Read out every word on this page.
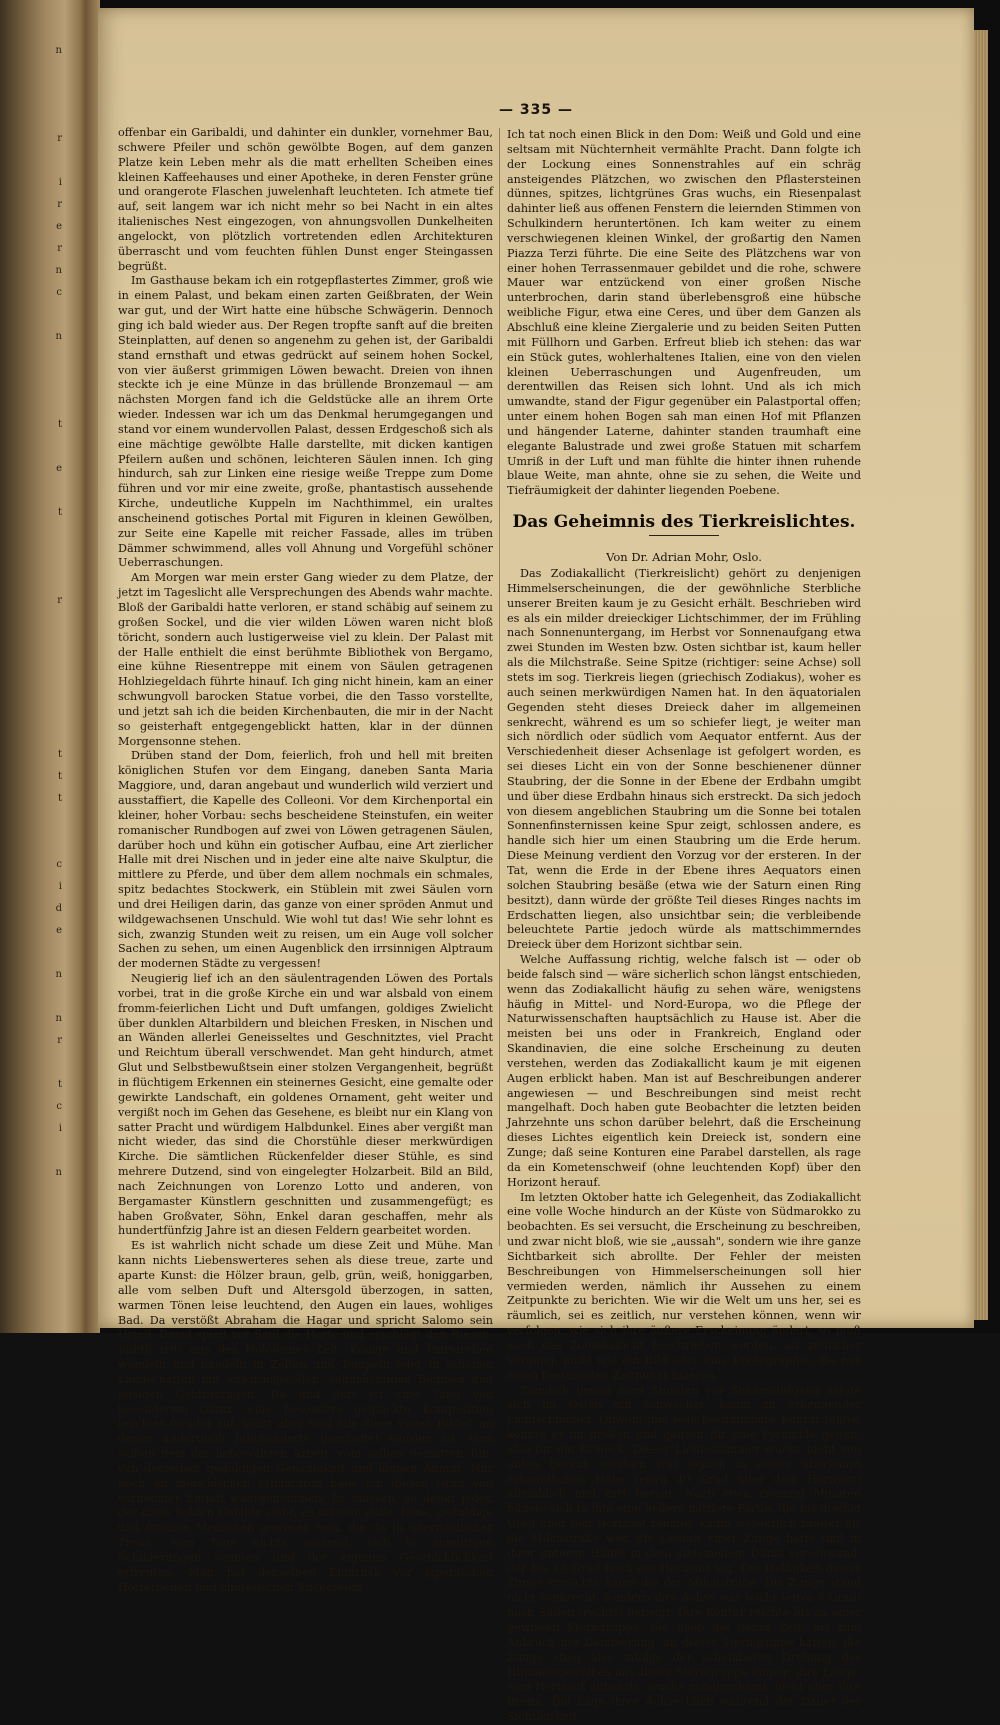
n

r

i
r
e
r
n
c

n

t

e

t

r

t
t
t

c
i
d
e

n

n
r

t
c
i

n
— 335 —

offenbar ein Garibaldi, und dahinter ein dunkler, vornehmer Bau, schwere Pfeiler und schön gewölbte Bogen, auf dem ganzen Platze kein Leben mehr als die matt erhellten Scheiben eines kleinen Kaffeehauses und einer Apotheke, in deren Fenster grüne und orangerote Flaschen juwelenhaft leuchteten. Ich atmete tief auf, seit langem war ich nicht mehr so bei Nacht in ein altes italienisches Nest eingezogen, von ahnungsvollen Dunkelheiten angelockt, von plötzlich vortretenden edlen Architekturen überrascht und vom feuchten fühlen Dunst enger Steingassen begrüßt.

Im Gasthause bekam ich ein rotgepflastertes Zimmer, groß wie in einem Palast, und bekam einen zarten Geißbraten, der Wein war gut, und der Wirt hatte eine hübsche Schwägerin. Dennoch ging ich bald wieder aus. Der Regen tropfte sanft auf die breiten Steinplatten, auf denen so angenehm zu gehen ist, der Garibaldi stand ernsthaft und etwas gedrückt auf seinem hohen Sockel, von vier äußerst grimmigen Löwen bewacht. Dreien von ihnen steckte ich je eine Münze in das brüllende Bronzemaul — am nächsten Morgen fand ich die Geldstücke alle an ihrem Orte wieder. Indessen war ich um das Denkmal herumgegangen und stand vor einem wundervollen Palast, dessen Erdgeschoß sich als eine mächtige gewölbte Halle darstellte, mit dicken kantigen Pfeilern außen und schönen, leichteren Säulen innen. Ich ging hindurch, sah zur Linken eine riesige weiße Treppe zum Dome führen und vor mir eine zweite, große, phantastisch aussehende Kirche, undeutliche Kuppeln im Nachthimmel, ein uraltes anscheinend gotisches Portal mit Figuren in kleinen Gewölben, zur Seite eine Kapelle mit reicher Fassade, alles im trüben Dämmer schwimmend, alles voll Ahnung und Vorgefühl schöner Ueberraschungen.

Am Morgen war mein erster Gang wieder zu dem Platze, der jetzt im Tageslicht alle Versprechungen des Abends wahr machte. Bloß der Garibaldi hatte verloren, er stand schäbig auf seinem zu großen Sockel, und die vier wilden Löwen waren nicht bloß töricht, sondern auch lustigerweise viel zu klein. Der Palast mit der Halle enthielt die einst berühmte Bibliothek von Bergamo, eine kühne Riesentreppe mit einem von Säulen getragenen Hohlziegeldach führte hinauf. Ich ging nicht hinein, kam an einer schwungvoll barocken Statue vorbei, die den Tasso vorstellte, und jetzt sah ich die beiden Kirchenbauten, die mir in der Nacht so geisterhaft entgegengeblickt hatten, klar in der dünnen Morgensonne stehen.

Drüben stand der Dom, feierlich, froh und hell mit breiten königlichen Stufen vor dem Eingang, daneben Santa Maria Maggiore, und, daran angebaut und wunderlich wild verziert und ausstaffiert, die Kapelle des Colleoni. Vor dem Kirchenportal ein kleiner, hoher Vorbau: sechs bescheidene Steinstufen, ein weiter romanischer Rundbogen auf zwei von Löwen getragenen Säulen, darüber hoch und kühn ein gotischer Aufbau, eine Art zierlicher Halle mit drei Nischen und in jeder eine alte naive Skulptur, die mittlere zu Pferde, und über dem allem nochmals ein schmales, spitz bedachtes Stockwerk, ein Stüblein mit zwei Säulen vorn und drei Heiligen darin, das ganze von einer spröden Anmut und wildgewachsenen Unschuld. Wie wohl tut das! Wie sehr lohnt es sich, zwanzig Stunden weit zu reisen, um ein Auge voll solcher Sachen zu sehen, um einen Augenblick den irrsinnigen Alptraum der modernen Städte zu vergessen!

Neugierig lief ich an den säulentragenden Löwen des Portals vorbei, trat in die große Kirche ein und war alsbald von einem fromm-feierlichen Licht und Duft umfangen, goldiges Zwielicht über dunklen Altarbildern und bleichen Fresken, in Nischen und an Wänden allerlei Geneisseltes und Geschnitztes, viel Pracht und Reichtum überall verschwendet. Man geht hindurch, atmet Glut und Selbstbewußtsein einer stolzen Vergangenheit, begrüßt in flüchtigem Erkennen ein steinernes Gesicht, eine gemalte oder gewirkte Landschaft, ein goldenes Ornament, geht weiter und vergißt noch im Gehen das Gesehene, es bleibt nur ein Klang von satter Pracht und würdigem Halbdunkel. Eines aber vergißt man nicht wieder, das sind die Chorstühle dieser merkwürdigen Kirche. Die sämtlichen Rückenfelder dieser Stühle, es sind mehrere Dutzend, sind von eingelegter Holzarbeit. Bild an Bild, nach Zeichnungen von Lorenzo Lotto und anderen, von Bergamaster Künstlern geschnitten und zusammengefügt; es haben Großvater, Söhn, Enkel daran geschaffen, mehr als hundertfünfzig Jahre ist an diesen Feldern gearbeitet worden.

Es ist wahrlich nicht schade um diese Zeit und Mühe. Man kann nichts Liebenswerteres sehen als diese treue, zarte und aparte Kunst: die Hölzer braun, gelb, grün, weiß, honiggarben, alle vom selben Duft und Altersgold überzogen, in satten, warmen Tönen leise leuchtend, den Augen ein laues, wohliges Bad. Da verstößt Abraham die Hagar und spricht Salomo sein Urteil, David spielt vor Saul die Harfe und erschlägt den Riesen, Judith tritt aus des Holofernes Zelt, Könige und Patriarchen wandeln und handeln in Zelten und Tempeln oder in schönen Landschaften mit ausdrucksvollen, sehnsüchtigen Bäumen und felsigen Gebirgszügen. Da und dort ist eine Tafel von besonderem Glanz, eine besonders geglückte Komposition leuchtet freudig auf, sonst aber sind alle diese vielen Bilder, an denen anderthalb Jahrhunderte gearbeitet worden ist, vom selben Reiz der liebevollsten Arbeit, vom selben tiefsatten Ton, von derselben geduldigen Genauigkeit und klugen Anmut. Nur noch an mönchischen Miniaturen habe ich diesen Grad von vornehmer Einfalt wahrgenommen. Es müssen, so denkt jeder, der diese holden Gebilde sieht, es müssen stille, feine, geduldige und fromme Menschen gewesen sein, die da in unermüdlicher Treue, vom Tage nichts wissend, sich in anmutigen Schilderungen sonnten und der eigenen Geschicklichkeit erfreuten. Man hat denselben Eindruck vor japanischen Holzarbeiten und chinesischen Stickereien.

Ich tat noch einen Blick in den Dom: Weiß und Gold und eine seltsam mit Nüchternheit vermählte Pracht. Dann folgte ich der Lockung eines Sonnenstrahles auf ein schräg ansteigendes Plätzchen, wo zwischen den Pflastersteinen dünnes, spitzes, lichtgrünes Gras wuchs, ein Riesenpalast dahinter ließ aus offenen Fenstern die leiernden Stimmen von Schulkindern heruntertönen. Ich kam weiter zu einem verschwiegenen kleinen Winkel, der großartig den Namen Piazza Terzi führte. Die eine Seite des Plätzchens war von einer hohen Terrassenmauer gebildet und die rohe, schwere Mauer war entzückend von einer großen Nische unterbrochen, darin stand überlebensgroß eine hübsche weibliche Figur, etwa eine Ceres, und über dem Ganzen als Abschluß eine kleine Ziergalerie und zu beiden Seiten Putten mit Füllhorn und Garben. Erfreut blieb ich stehen: das war ein Stück gutes, wohlerhaltenes Italien, eine von den vielen kleinen Ueberraschungen und Augenfreuden, um derentwillen das Reisen sich lohnt. Und als ich mich umwandte, stand der Figur gegenüber ein Palastportal offen; unter einem hohen Bogen sah man einen Hof mit Pflanzen und hängender Laterne, dahinter standen traumhaft eine elegante Balustrade und zwei große Statuen mit scharfem Umriß in der Luft und man fühlte die hinter ihnen ruhende blaue Weite, man ahnte, ohne sie zu sehen, die Weite und Tiefräumigkeit der dahinter liegenden Poebene.

Das Geheimnis des Tierkreislichtes.
Von Dr. Adrian Mohr, Oslo.

Das Zodiakallicht (Tierkreislicht) gehört zu denjenigen Himmelserscheinungen, die der gewöhnliche Sterbliche unserer Breiten kaum je zu Gesicht erhält. Beschrieben wird es als ein milder dreieckiger Lichtschimmer, der im Frühling nach Sonnenuntergang, im Herbst vor Sonnenaufgang etwa zwei Stunden im Westen bzw. Osten sichtbar ist, kaum heller als die Milchstraße. Seine Spitze (richtiger: seine Achse) soll stets im sog. Tierkreis liegen (griechisch Zodiakus), woher es auch seinen merkwürdigen Namen hat. In den äquatorialen Gegenden steht dieses Dreieck daher im allgemeinen senkrecht, während es um so schiefer liegt, je weiter man sich nördlich oder südlich vom Aequator entfernt. Aus der Verschiedenheit dieser Achsenlage ist gefolgert worden, es sei dieses Licht ein von der Sonne beschienener dünner Staubring, der die Sonne in der Ebene der Erdbahn umgibt und über diese Erdbahn hinaus sich erstreckt. Da sich jedoch von diesem angeblichen Staubring um die Sonne bei totalen Sonnenfinsternissen keine Spur zeigt, schlossen andere, es handle sich hier um einen Staubring um die Erde herum. Diese Meinung verdient den Vorzug vor der ersteren. In der Tat, wenn die Erde in der Ebene ihres Aequators einen solchen Staubring besäße (etwa wie der Saturn einen Ring besitzt), dann würde der größte Teil dieses Ringes nachts im Erdschatten liegen, also unsichtbar sein; die verbleibende beleuchtete Partie jedoch würde als mattschimmerndes Dreieck über dem Horizont sichtbar sein.

Welche Auffassung richtig, welche falsch ist — oder ob beide falsch sind — wäre sicherlich schon längst entschieden, wenn das Zodiakallicht häufig zu sehen wäre, wenigstens häufig in Mittel- und Nord-Europa, wo die Pflege der Naturwissenschaften hauptsächlich zu Hause ist. Aber die meisten bei uns oder in Frankreich, England oder Skandinavien, die eine solche Erscheinung zu deuten verstehen, werden das Zodiakallicht kaum je mit eigenen Augen erblickt haben. Man ist auf Beschreibungen anderer angewiesen — und Beschreibungen sind meist recht mangelhaft. Doch haben gute Beobachter die letzten beiden Jahrzehnte uns schon darüber belehrt, daß die Erscheinung dieses Lichtes eigentlich kein Dreieck ist, sondern eine Zunge; daß seine Konturen eine Parabel darstellen, als rage da ein Kometenschweif (ohne leuchtenden Kopf) über den Horizont herauf.

Im letzten Oktober hatte ich Gelegenheit, das Zodiakallicht eine volle Woche hindurch an der Küste von Südmarokko zu beobachten. Es sei versucht, die Erscheinung zu beschreiben, und zwar nicht bloß, wie sie „aussah", sondern wie ihre ganze Sichtbarkeit sich abrollte. Der Fehler der meisten Beschreibungen von Himmelserscheinungen soll hier vermieden werden, nämlich ihr Aussehen zu einem Zeitpunkte zu berichten. Wie wir die Welt um uns her, sei es räumlich, sei es zeitlich, nur verstehen können, wenn wir verfolgen, wie sich ihre äußere Erscheinung ändert, so muß auch das Zodiakallicht beschrieben werden, als zeitlicher Vorgang, nicht wie ein Bild oder eine Photographie, die nur einen bestimmten Zeitpunkt fixieren.

Ziemlich genau zwei Stunden vor Sonnenaufgang zeigte sich im Osten ein schwacher, kaum zu erkennender Lichtschimmer. Obwohl ihm jede bestimmbare Kontur fehlte, konnte er im großen und ganzen für eine Pyramide gelten, also für ein Dreieck. Dieser Lichtschimmer wuchs nicht von unten herauf, sondern trat jeglich in seiner überhaupt erkenntlichen Höhe (etwa 40 Grad über dem Horizont) allmählich und zart hervor. Nach etwa zwanzig Minuten bildete sich in ihm eine hellere mittlere Partie, die bis dreißig Grad über den Horizont reichte, kaum wesentlich breiter als die Milchstraße war, die Gestalt einer Zunge hatte und in ihrer unteren Hälfte in dem allgemeinen Dunst verschwand, der bis 15 Grad hoch am Horizont lag. Die Helligkeit dieser Zunge erreichte kaum die der Milchstraße. Die Zunge stand nicht senkrecht, sondern ihre Achse war leicht (etwa 8 Grad) nach Süden (rechts) geneigt. Ihre Kontur reichte bis zu einer gewissen Sterngruppe. Sie blieb die ganze Zeit, bis zum Anbruch der Dämmerung, an dieser Sterngruppe haften; die Zunge stieg also infolge der scheinbaren Drehung des Himmelsgewölbes mit dieser Sterngruppe empor; ihre Länge, vom Horizont aufwärts, wuchs entsprechend, nicht aber ihre Breite. Die Lage ihrer Achse blieb während der Dauer der Sichtbarkeit
